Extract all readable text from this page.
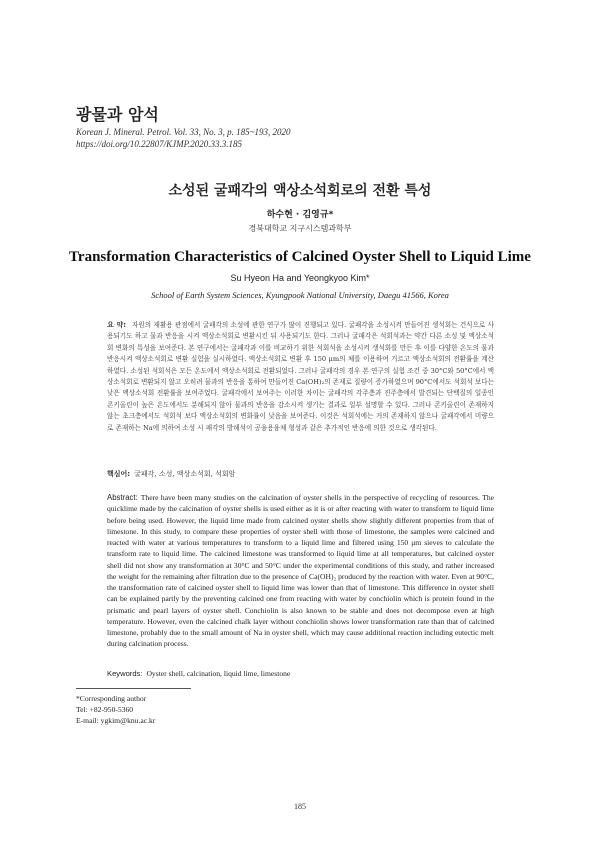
광물과 암석
Korean J. Mineral. Petrol. Vol. 33, No. 3, p. 185~193, 2020
https://doi.org/10.22807/KJMP.2020.33.3.185
소성된 굴패각의 액상소석회로의 전환 특성
하수현 · 김영규*
경북대학교 지구시스템과학부
Transformation Characteristics of Calcined Oyster Shell to Liquid Lime
Su Hyeon Ha and Yeongkyoo Kim*
School of Earth System Sciences, Kyungpook National University, Daegu 41566, Korea
요 약: 자원의 재활용 관점에서 굴패각의 소성에 관한 연구가 많이 진행되고 있다. 굴패각을 소성시켜 만들어진 생석회는 건식으로 사용되기도 하고 물과 반응을 시켜 액상소석회로 변환시킨 뒤 사용되기도 한다. 그러나 굴패각은 석회석과는 약간 다른 소성 및 액상소석회 변화의 특성을 보여준다. 본 연구에서는 굴패각과 이를 비교하기 위한 석회석을 소성시켜 생석회를 만든 후 이를 다양한 온도의 물과 반응시켜 액상소석회로 변환 실험을 실시하였다. 액상소석회로 변환 후 150 μm의 체를 이용하여 거르고 액상소석회의 전환률을 계산하였다. 소성된 석회석은 모든 온도에서 액상소석회로 전환되었다. 그러나 굴패각의 경우 본 연구의 실험 조건 중 30°C와 50°C에서 액상소석회로 변환되지 않고 오히려 물과의 반응을 통하여 만들어진 Ca(OH)₂의 존재로 질량이 증가하였으며 90°C에서도 석회석 보다는 낮은 액상소석회 전환률을 보여주었다. 굴패각에서 보여주는 이러한 차이는 굴패각의 각주층과 진주층에서 발견되는 단백질의 일종인 콘키올린이 높은 온도에서도 분해되지 않아 물과의 반응을 감소시켜 생기는 결과로 일부 설명할 수 있다. 그러나 콘키올린이 존재하지 않는 초크층에서도 석회석 보다 액상소석회의 변화률이 낮음을 보여준다. 이것은 석회석에는 거의 존재하지 않으나 굴패각에서 미량으로 존재하는 Na에 의하여 소성 시 패각의 방해석이 공융용융체 형성과 같은 추가적인 반응에 의한 것으로 생각된다.
핵심어: 굴패각, 소성, 액상소석회, 석회암
Abstract: There have been many studies on the calcination of oyster shells in the perspective of recycling of resources. The quicklime made by the calcination of oyster shells is used either as it is or after reacting with water to transform to liquid lime before being used. However, the liquid lime made from calcined oyster shells show slightly different properties from that of limestone. In this study, to compare these properties of oyster shell with those of limestone, the samples were calcined and reacted with water at various temperatures to transform to a liquid lime and filtered using 150 μm sieves to calculate the transform rate to liquid lime. The calcined limestone was transformed to liquid lime at all temperatures, but calcined oyster shell did not show any transformation at 30°C and 50°C under the experimental conditions of this study, and rather increased the weight for the remaining after filtration due to the presence of Ca(OH)₂ produced by the reaction with water. Even at 90°C, the transformation rate of calcined oyster shell to liquid lime was lower than that of limestone. This difference in oyster shell can be explained partly by the preventing calcined one from reacting with water by conchiolin which is protein found in the prismatic and pearl layers of oyster shell. Conchiolin is also known to be stable and does not decompose even at high temperature. However, even the calcined chalk layer without conchiolin shows lower transformation rate than that of calcined limestone, probably due to the small amount of Na in oyster shell, which may cause additional reaction including eutectic melt during calcination process.
Keywords: Oyster shell, calcination, liquid lime, limestone
*Corresponding author
Tel: +82-950-5360
E-mail: ygkim@knu.ac.kr
185
